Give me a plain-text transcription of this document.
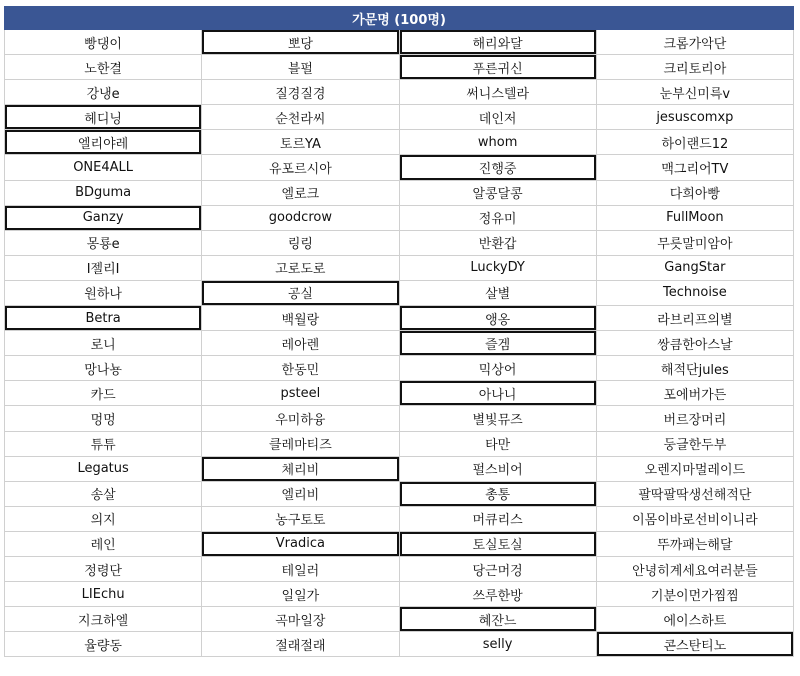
가문명 (100명)			
빵댕이	뽀당	해리와달	크롬가악단
노한결	블펄	푸른귀신	크리토리아
강냉e	질경질경	써니스텔라	눈부신미륵v
헤디닝	순천라씨	데인저	jesuscomxp
엘리야레	토르YA	whom	하이랜드12
ONE4ALL	유포르시아	진행중	맥그리어TV
BDguma	엘로크	알콩달콩	다희아빵
Ganzy	goodcrow	정유미	FullMoon
몽룡e	링링	반환갑	무릇말미암아
I젤리I	고로도로	LuckyDY	GangStar
원하나	공실	살별	Technoise
Betra	백월랑	앵옹	라브리프의별
로니	레아렌	즐겜	쌍큼한아스날
망나뇽	한동민	믹상어	해적단jules
카드	psteel	아나니	포에버가든
멍멍	우미하융	별빛뮤즈	버르장머리
튜튜	클레마티즈	타만	둥글한두부
Legatus	체리비	펄스비어	오렌지마멀레이드
송살	엘리비	총통	팔딱팔딱생선해적단
의지	농구토토	머큐리스	이몸이바로선비이니라
레인	Vradica	토실토실	뚜까패는해달
정령단	테일러	당근머겅	안녕히계세요여러분들
LIEchu	일일가	쓰루한방	기분이먼가찜찜
지크하엘	곡마일장	혜잔느	에이스하트
율량동	절래절래	selly	콘스탄티노
